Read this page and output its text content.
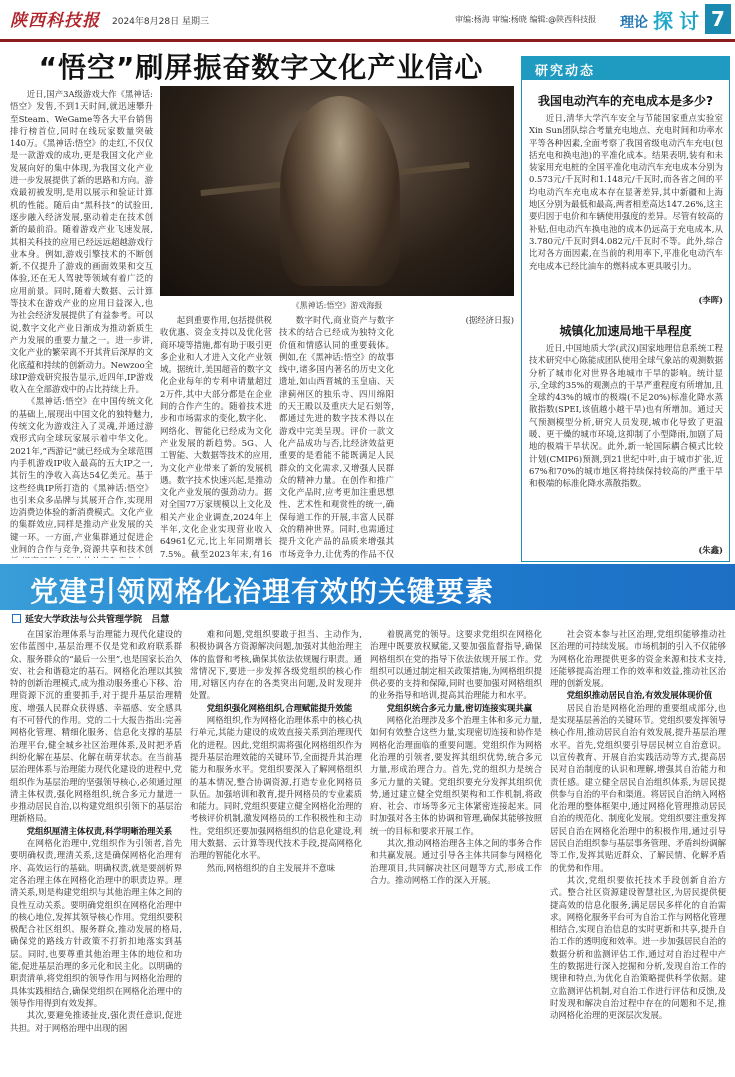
陕西科技报 2024年8月28日 星期三	审编:杨海 审编:杨晓 编辑:@陕西科技报 理论 探讨 7
“悟空”刷屏振奋数字文化产业信心

近日,国产3A级游戏大作《黑神话:悟空》发售,不到1天时间,就迅速攀升至Steam、WeGame等各大平台销售排行榜首位,同时在线玩家数量突破140万。《黑神话:悟空》的走红,不仅仅是一款游戏的成功,更是我国文化产业发展向好的集中体现,为我国文化产业进一步发展提供了新的思路和方向。游戏最初被发明,是用以展示和验证计算机的性能。随后由“黑科技”的试验田,逐步融入经济发展,驱动着走在技术创新的最前沿。随着游戏产业飞速发展,其相关科技的应用已经远远超越游戏行业本身。例如,游戏引擎技术的不断创新,不仅提升了游戏的画面效果和交互体验,还在无人驾驶等领域有着广泛的应用前景。同时,随着大数据、云计算等技术在游戏产业的应用日益深入,也为社会经济发展提供了有益参考。可以说,数字文化产业日渐成为推动新质生产力发展的重要力量之一。进一步讲,文化产业的繁荣离不开其背后深厚的文化底蕴和持续的创新动力。Newzoo全球IP游戏研究报告显示,近四年,IP游戏收入在全部游戏中的占比持续上升。

《黑神话:悟空》在中国传统文化的基础上,展现出中国文化的独特魅力,传统文化为游戏注入了灵魂,并通过游戏形式向全球玩家展示着中华文化。2021年,“西游记”就已经成为全球范围内手机游戏IP收入最高的五大IP之一,其衍生的净收入高达54亿美元。基于这些经典IP所打造的《黑神话:悟空》也引来众多品牌与其展开合作,实现用边消费边体验的新消费模式。文化产业的集群效应,同样是推动产业发展的关键一环。一方面,产业集群通过促进企业间的合作与竞争,资源共享和技术创

《黑神话:悟空》游戏海报

起到重要作用,包括提供税收优惠、资金支持以及优化营商环境等措施,都有助于吸引更多企业和人才进入文化产业领域。据统计,美国超音的数字文化企业每年的专利申请量超过2万件,其中大部分都是在企业间的合作产生的。随着技术进步和市场需求的变化,数字化、网络化、智能化已经成为文化产业发展的新趋势。5G、人工智能、大数据等技术的应用,为文化产业带来了新的发展机遇。数字技术快速兴起,是推动文化产业发展的强劲动力。据对全国77万家规模以上文化及相关产业企业调查,2024年上半年,文化企业实现营业收入64961亿元,比上年同期增长7.5%。截至2023年末,有16

数字时代,商业资产与数字技术的结合已经成为独特文化价值和情感认同的重要载体。例如,在《黑神话:悟空》的故事线中,诸多国内著名的历史文化遗址,如山西晋城的玉皇庙、天津蓟州区的独乐寺、四川绵阳的天王殿以及重庆大足石刻等,都通过先进的数字技术得以在游戏中完美呈现。评价一款文化产品成功与否,比经济效益更重要的是看能不能既满足人民群众的文化需求,又增强人民群众的精神力量。在创作和推广文化产品时,应考更加注重思想性、艺术性和观赏性的统一,确保每道工作的开展,丰富人民群众的精神世界。同时,也需通过提升文化产品的品质来增强其市场竞争力,让优秀的作品不仅

(据经济日报)

研究动态
我国电动汽车的充电成本是多少?

近日,清华大学汽车安全与节能国家重点实验室Xin Sun团队综合考量充电地点、充电时间和功率水平等各种因素,全面考察了我国省级电动汽车充电(包括充电和换电池)的平准化成本。结果表明,装有和未装家用充电桩的全国平准化电动汽车充电成本分别为0.573元/千瓦时和1.148元/千瓦时,而各省之间的平均电动汽车充电成本存在显著差异,其中新疆和上海地区分别为最低和最高,两者相差高达147.26%,这主要归因于电价和车辆使用强度的差异。尽管有较高的补贴,但电动汽车换电池的成本仍远高于充电成本,从3.780元/千瓦时到4.082元/千瓦时不等。此外,综合比对各方面因素,在当前的利用率下,平准化电动汽车充电成本已经比油车的燃料成本更具吸引力。

(李晖)
城镇化加速局地干旱程度

近日,中国地质大学(武汉)国家地理信息系统工程技术研究中心陈能成团队使用全球气象站的观测数据分析了城市化对世界各地城市干旱的影响。统计显示,全球约35%的观测点的干旱严重程度有所增加,且全球约43%的城市的极端(不足20%)标准化降水蒸散指数(SPEI,该值越小越干旱)也有所增加。通过天气预测模型分析,研究人员发现,城市化导致了更温暖、更干燥的城市环境,这抑制了小型降雨,加剧了局地的极端干旱状况。此外,新一轮国际耦合模式比较计划(CMIP6)预测,到21世纪中叶,由于城市扩张,近67%和70%的城市地区将持续保持较高的严重干旱和极端的标准化降水蒸散指数。

(朱鑫)
党建引领网格化治理有效的关键要素
延安大学政法与公共管理学院 吕慧

在国家治理体系与治理能力现代化建设的宏伟蓝图中,基层治理不仅是党和政府联系群众、服务群众的“最后一公里”,也是国家长治久安、社会和谐稳定的基石。网格化治理以其独特的创新治理模式,成为推动服务重心下移、治理资源下沉的重要抓手,对于提升基层治理精度、增强人民群众获得感、幸福感、安全感具有不可替代的作用。党的二十大报告指出:完善网格化管理、精细化服务、信息化支撑的基层治理平台,健全城乡社区治理体系,及时把矛盾纠纷化解在基层、化解在萌芽状态。在当前基层治理体系与治理能力现代化建设的进程中,党组织作为基层治理的坚强领导核心,必须通过厘清主体权责,强化网格组织,统合多元力量进一步推动居民自治,以构建党组织引领下的基层治理新格局。

党组织厘清主体权责,科学明晰治理关系

在网格化治理中,党组织作为引领者,首先要明确权责,理清关系,这是确保网格化治理有序、高效运行的基础。明确权责,就是要剖析界定各治理主体在网格化治理中的职责边界。理清关系,则是构建党组织与其他治理主体之间的良性互动关系。要明确党组织在网格化治理中的核心地位,发挥其领导核心作用。党组织要积极配合社区组织、服务群众,推动发展的格局,确保党的路线方针政策不打折扣地落实到基层。同时,也要尊重其他治理主体的地位和功能,促进基层治理的多元化和民主化。以明确的职责清单,将党组织的领导作用与网格化治理的具体实践相结合,确保党组织在网格化治理中的领导作用得到有效发挥。

其次,要避免推诿扯皮,强化责任意识,促进共担。对于网格治理中出现的困

难和问题,党组织要敢于担当、主动作为,积极协调各方资源解决问题,加强对其他治理主体的监督和考核,确保其依法依规履行职责。通常情况下,要进一步发挥各级党组织的核心作用,对辖区内存在的各类突出问题,及时发现并处置。

党组织强化网格组织,合理赋能提升效能

网格组织,作为网格化治理体系中的核心执行单元,其能力建设的成效直接关系到治理现代化的进程。因此,党组织需将强化网格组织作为提升基层治理效能的关键环节,全面提升其治理能力和服务水平。党组织要深入了解网格组织的基本情况,整合协调资源,打造专业化网格员队伍。加强培训和教育,提升网格员的专业素质和能力。同时,党组织要建立健全网格化治理的考核评价机制,激发网格员的工作积极性和主动性。党组织还要加强网格组织的信息化建设,利用大数据、云计算等现代技术手段,提高网格化治理的智能化水平。

然而,网格组织的自主发展并不意味

着脱离党的领导。这要求党组织在网格化治理中既要放权赋能,又要加强监督指导,确保网格组织在党的指导下依法依规开展工作。党组织可以通过制定相关政策措施,为网格组织提供必要的支持和保障,同时也要加强对网格组织的业务指导和培训,提高其治理能力和水平。

党组织统合多元力量,密切连接实现共赢

网格化治理涉及多个治理主体和多元力量,如何有效整合这些力量,实现密切连接和协作是网格化治理面临的重要问题。党组织作为网格化治理的引领者,要发挥其组织优势,统合多元力量,形成治理合力。首先,党的组织力是统合多元力量的关键。党组织要充分发挥其组织优势,通过建立健全党组织架构和工作机制,将政府、社会、市场等多元主体紧密连接起来。同时加强对各主体的协调和管理,确保其能够按照统一的目标和要求开展工作。

其次,推动网格治理各主体之间的事务合作和共赢发展。通过引导各主体共同参与网格化治理项目,共同解决社区问题等方式,形成工作合力。推动网格工作的深入开展。

社会资本参与社区治理,党组织能够推动社区治理的可持续发展。市场机制的引入不仅能够为网格化治理提供更多的资金来源和技术支持,还能够提高治理工作的效率和效益,推动社区治理的创新发展。

党组织推动居民自治,有效发展体现价值

居民自治是网格化治理的重要组成部分,也是实现基层善治的关键环节。党组织要发挥领导核心作用,推动居民自治有效发展,提升基层治理水平。首先,党组织要引导居民树立自治意识。以宣传教育、开展自治实践活动等方式,提高居民对自治制度的认识和理解,增强其自治能力和责任感。建立健全居民自治组织体系,为居民提供参与自治的平台和渠道。将居民自治纳入网格化治理的整体框架中,通过网格化管理推动居民自治的规范化、制度化发展。党组织要注重发挥居民自治在网格化治理中的积极作用,通过引导居民自治组织参与基层事务管理、矛盾纠纷调解等工作,发挥其贴近群众、了解民情、化解矛盾的优势和作用。

其次,党组织要依托技术手段创新自治方式。整合社区资源建设智慧社区,为居民提供便捷高效的信息化服务,满足居民多样化的自治需求。网格化服务平台可为自治工作与网格化管理相结合,实现自治信息的实时更新和共享,提升自治工作的透明度和效率。进一步加强居民自治的数据分析和监测评估工作,通过对自治过程中产生的数据进行深入挖掘和分析,发现自治工作的规律和特点,为优化自治策略提供科学依据。建立监测评估机制,对自治工作进行评估和反馈,及时发现和解决自治过程中存在的问题和不足,推动网格化治理的更深层次发展。
